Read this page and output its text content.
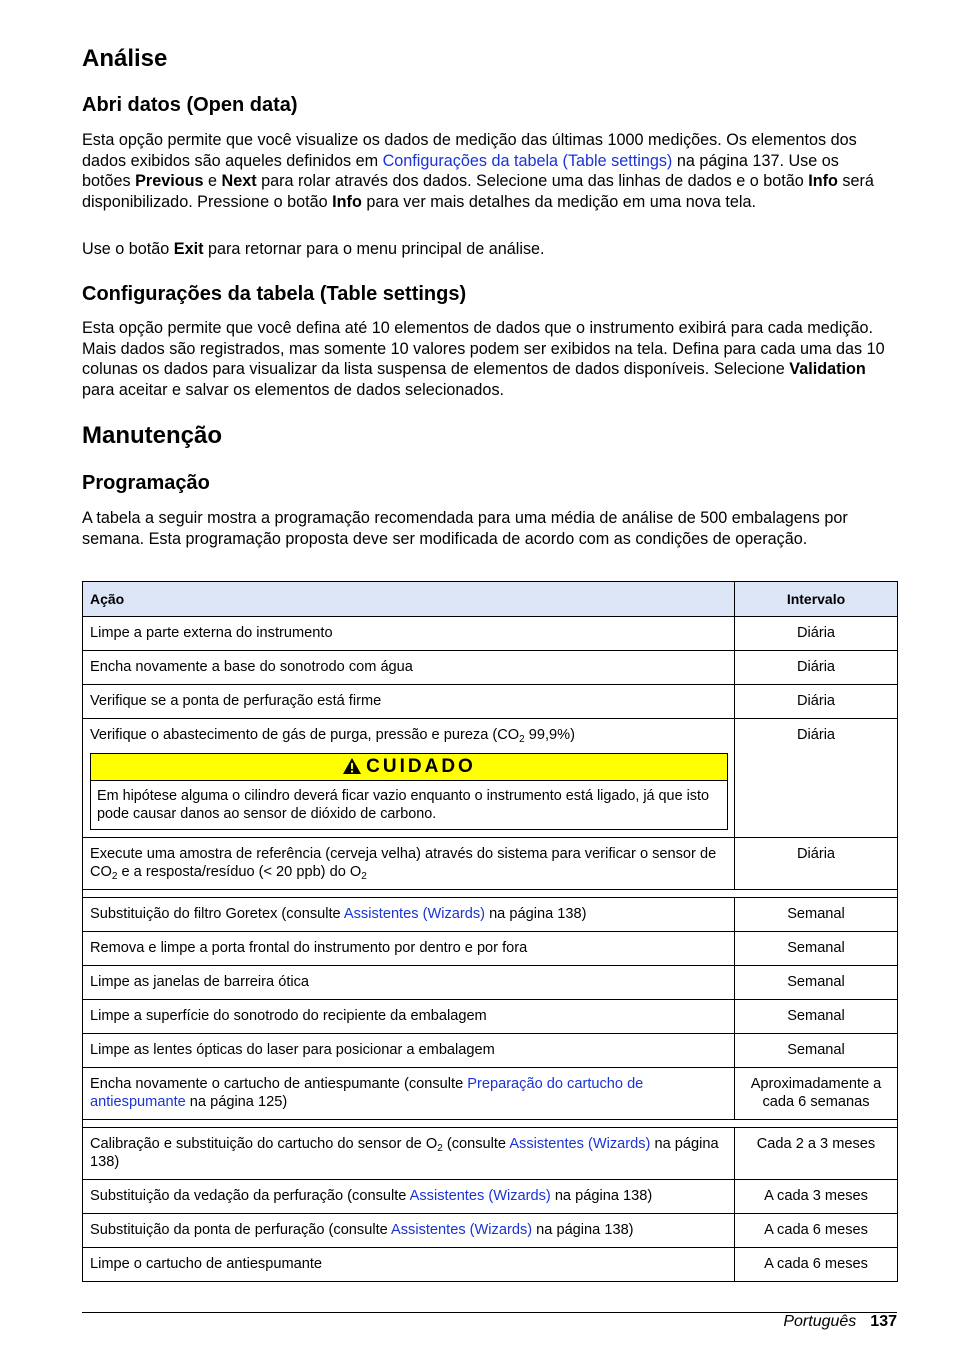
Análise
Abri datos (Open data)

Esta opção permite que você visualize os dados de medição das últimas 1000 medições. Os elementos dos dados exibidos são aqueles definidos em Configurações da tabela (Table settings) na página 137. Use os botões Previous e Next para rolar através dos dados. Selecione uma das linhas de dados e o botão Info será disponibilizado. Pressione o botão Info para ver mais detalhes da medição em uma nova tela.

Use o botão Exit para retornar para o menu principal de análise.

Configurações da tabela (Table settings)

Esta opção permite que você defina até 10 elementos de dados que o instrumento exibirá para cada medição. Mais dados são registrados, mas somente 10 valores podem ser exibidos na tela. Defina para cada uma das 10 colunas os dados para visualizar da lista suspensa de elementos de dados disponíveis. Selecione Validation para aceitar e salvar os elementos de dados selecionados.

Manutenção
Programação

A tabela a seguir mostra a programação recomendada para uma média de análise de 500 embalagens por semana. Esta programação proposta deve ser modificada de acordo com as condições de operação.

Ação	Intervalo
Limpe a parte externa do instrumento	Diária
Encha novamente a base do sonotrodo com água	Diária
Verifique se a ponta de perfuração está firme	Diária
Verifique o abastecimento de gás de purga, pressão e pureza ($CO_2$ 99,9%)
CUIDADO
Em hipótese alguma o cilindro deverá ficar vazio enquanto o instrumento está ligado, já que isto pode causar danos ao sensor de dióxido de carbono.	Diária
Execute uma amostra de referência (cerveja velha) através do sistema para verificar o sensor de $CO_2$ e a resposta/resíduo (< 20 ppb) do $O_2$	Diária

Substituição do filtro Goretex (consulte Assistentes (Wizards) na página 138)	Semanal
Remova e limpe a porta frontal do instrumento por dentro e por fora	Semanal
Limpe as janelas de barreira ótica	Semanal
Limpe a superfície do sonotrodo do recipiente da embalagem	Semanal
Limpe as lentes ópticas do laser para posicionar a embalagem	Semanal
Encha novamente o cartucho de antiespumante (consulte Preparação do cartucho de antiespumante na página 125)	Aproximadamente a cada 6 semanas

Calibração e substituição do cartucho do sensor de $O_2$ (consulte Assistentes (Wizards) na página 138)	Cada 2 a 3 meses
Substituição da vedação da perfuração (consulte Assistentes (Wizards) na página 138)	A cada 3 meses
Substituição da ponta de perfuração (consulte Assistentes (Wizards) na página 138)	A cada 6 meses
Limpe o cartucho de antiespumante	A cada 6 meses
Português 137
